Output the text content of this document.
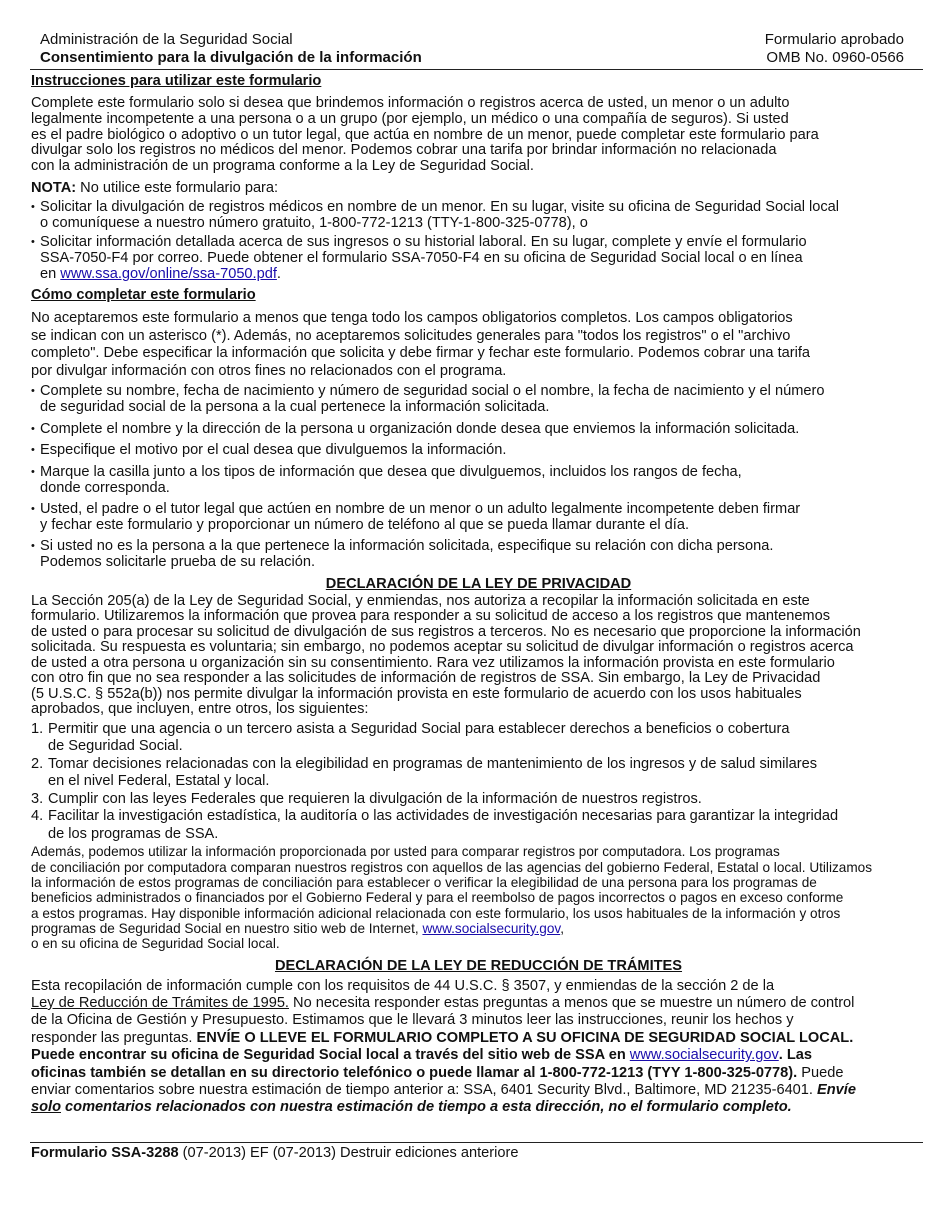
Administración de la Seguridad Social
Consentimiento para la divulgación de la información
Formulario aprobado
OMB No. 0960-0566

Instrucciones para utilizar este formulario

Complete este formulario solo si desea que brindemos información o registros acerca de usted, un menor o un adulto
legalmente incompetente a una persona o a un grupo (por ejemplo, un médico o una compañía de seguros). Si usted
es el padre biológico o adoptivo o un tutor legal, que actúa en nombre de un menor, puede completar este formulario para
divulgar solo los registros no médicos del menor. Podemos cobrar una tarifa por brindar información no relacionada
con la administración de un programa conforme a la Ley de Seguridad Social.

NOTA: No utilice este formulario para:

• Solicitar la divulgación de registros médicos en nombre de un menor. En su lugar, visite su oficina de Seguridad Social local
o comuníquese a nuestro número gratuito, 1-800-772-1213 (TTY-1-800-325-0778), o
• Solicitar información detallada acerca de sus ingresos o su historial laboral. En su lugar, complete y envíe el formulario
SSA-7050-F4 por correo. Puede obtener el formulario SSA-7050-F4 en su oficina de Seguridad Social local o en línea
en www.ssa.gov/online/ssa-7050.pdf.

Cómo completar este formulario

No aceptaremos este formulario a menos que tenga todo los campos obligatorios completos. Los campos obligatorios
se indican con un asterisco (*). Además, no aceptaremos solicitudes generales para "todos los registros" o el "archivo
completo". Debe especificar la información que solicita y debe firmar y fechar este formulario. Podemos cobrar una tarifa
por divulgar información con otros fines no relacionados con el programa.

• Complete su nombre, fecha de nacimiento y número de seguridad social o el nombre, la fecha de nacimiento y el número
de seguridad social de la persona a la cual pertenece la información solicitada.
• Complete el nombre y la dirección de la persona u organización donde desea que enviemos la información solicitada.
• Especifique el motivo por el cual desea que divulguemos la información.
• Marque la casilla junto a los tipos de información que desea que divulguemos, incluidos los rangos de fecha,
donde corresponda.
• Usted, el padre o el tutor legal que actúen en nombre de un menor o un adulto legalmente incompetente deben firmar
y fechar este formulario y proporcionar un número de teléfono al que se pueda llamar durante el día.
• Si usted no es la persona a la que pertenece la información solicitada, especifique su relación con dicha persona.
Podemos solicitarle prueba de su relación.

DECLARACIÓN DE LA LEY DE PRIVACIDAD

La Sección 205(a) de la Ley de Seguridad Social, y enmiendas, nos autoriza a recopilar la información solicitada en este
formulario. Utilizaremos la información que provea para responder a su solicitud de acceso a los registros que mantenemos
de usted o para procesar su solicitud de divulgación de sus registros a terceros. No es necesario que proporcione la información
solicitada. Su respuesta es voluntaria; sin embargo, no podemos aceptar su solicitud de divulgar información o registros acerca
de usted a otra persona u organización sin su consentimiento. Rara vez utilizamos la información provista en este formulario
con otro fin que no sea responder a las solicitudes de información de registros de SSA. Sin embargo, la Ley de Privacidad
(5 U.S.C. § 552a(b)) nos permite divulgar la información provista en este formulario de acuerdo con los usos habituales
aprobados, que incluyen, entre otros, los siguientes:

1. Permitir que una agencia o un tercero asista a Seguridad Social para establecer derechos a beneficios o cobertura
de Seguridad Social.
2. Tomar decisiones relacionadas con la elegibilidad en programas de mantenimiento de los ingresos y de salud similares
en el nivel Federal, Estatal y local.
3. Cumplir con las leyes Federales que requieren la divulgación de la información de nuestros registros.
4. Facilitar la investigación estadística, la auditoría o las actividades de investigación necesarias para garantizar la integridad
de los programas de SSA.

Además, podemos utilizar la información proporcionada por usted para comparar registros por computadora. Los programas
de conciliación por computadora comparan nuestros registros con aquellos de las agencias del gobierno Federal, Estatal o local. Utilizamos
la información de estos programas de conciliación para establecer o verificar la elegibilidad de una persona para los programas de
beneficios administrados o financiados por el Gobierno Federal y para el reembolso de pagos incorrectos o pagos en exceso conforme
a estos programas. Hay disponible información adicional relacionada con este formulario, los usos habituales de la información y otros
programas de Seguridad Social en nuestro sitio web de Internet, www.socialsecurity.gov,
o en su oficina de Seguridad Social local.

DECLARACIÓN DE LA LEY DE REDUCCIÓN DE TRÁMITES

Esta recopilación de información cumple con los requisitos de 44 U.S.C. § 3507, y enmiendas de la sección 2 de la
Ley de Reducción de Trámites de 1995. No necesita responder estas preguntas a menos que se muestre un número de control
de la Oficina de Gestión y Presupuesto. Estimamos que le llevará 3 minutos leer las instrucciones, reunir los hechos y
responder las preguntas. ENVÍE O LLEVE EL FORMULARIO COMPLETO A SU OFICINA DE SEGURIDAD SOCIAL LOCAL.
Puede encontrar su oficina de Seguridad Social local a través del sitio web de SSA en www.socialsecurity.gov. Las
oficinas también se detallan en su directorio telefónico o puede llamar al 1-800-772-1213 (TYY 1-800-325-0778). Puede
enviar comentarios sobre nuestra estimación de tiempo anterior a: SSA, 6401 Security Blvd., Baltimore, MD 21235-6401. Envíe
solo comentarios relacionados con nuestra estimación de tiempo a esta dirección, no el formulario completo.

Formulario SSA-3288 (07-2013) EF (07-2013) Destruir ediciones anteriore
